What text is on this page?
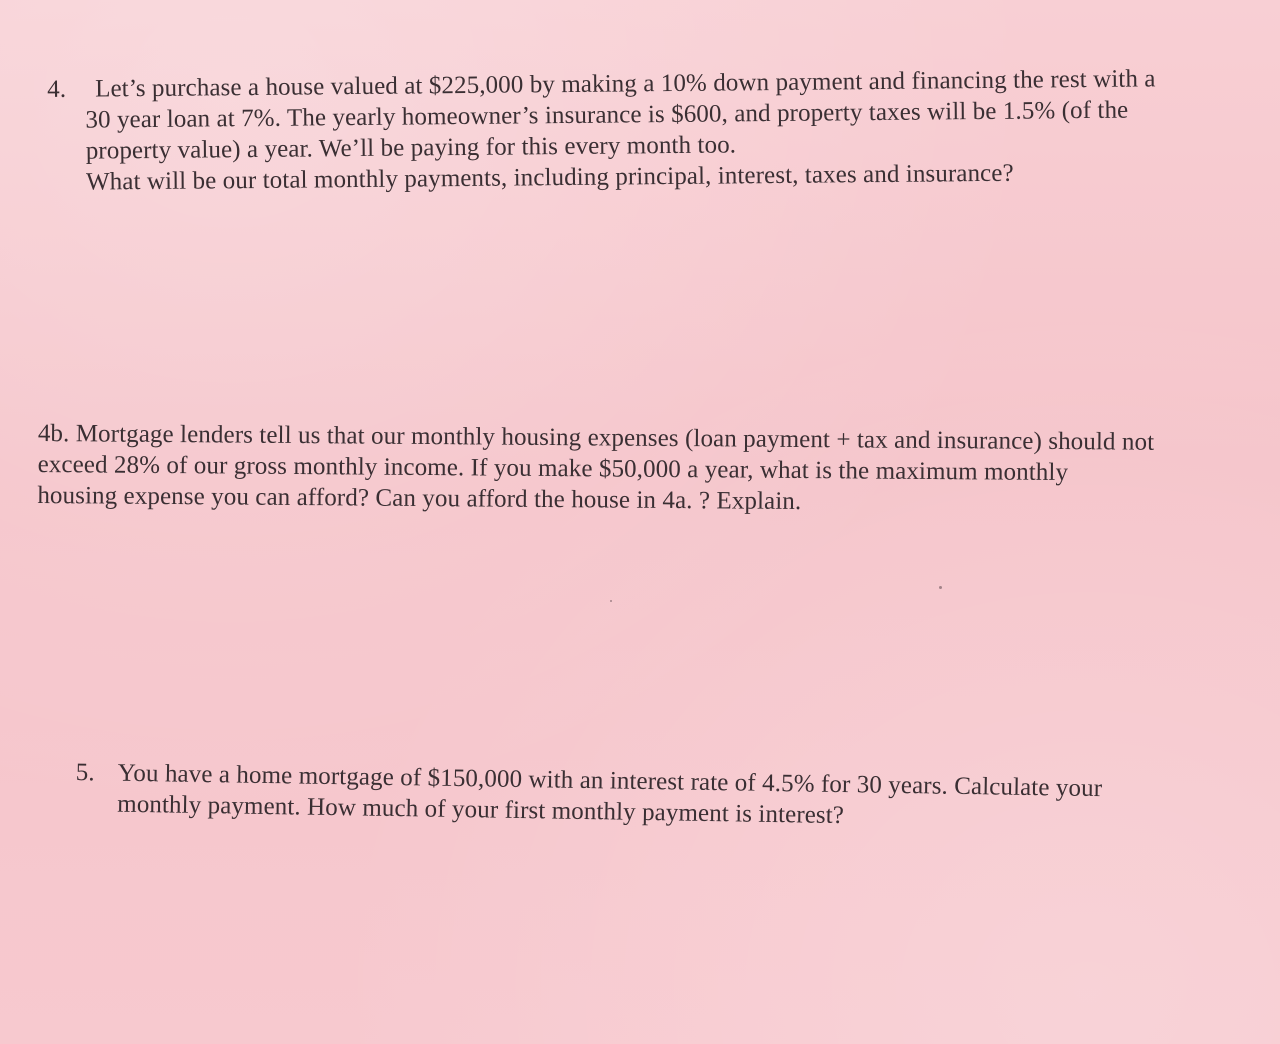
4. Let’s purchase a house valued at $225,000 by making a 10% down payment and financing the rest with a
30 year loan at 7%. The yearly homeowner’s insurance is $600, and property taxes will be 1.5% (of the
property value) a year. We’ll be paying for this every month too.
What will be our total monthly payments, including principal, interest, taxes and insurance?
4b. Mortgage lenders tell us that our monthly housing expenses (loan payment + tax and insurance) should not
exceed 28% of our gross monthly income. If you make $50,000 a year, what is the maximum monthly
housing expense you can afford? Can you afford the house in 4a. ? Explain.
5. You have a home mortgage of $150,000 with an interest rate of 4.5% for 30 years. Calculate your
monthly payment. How much of your first monthly payment is interest?
